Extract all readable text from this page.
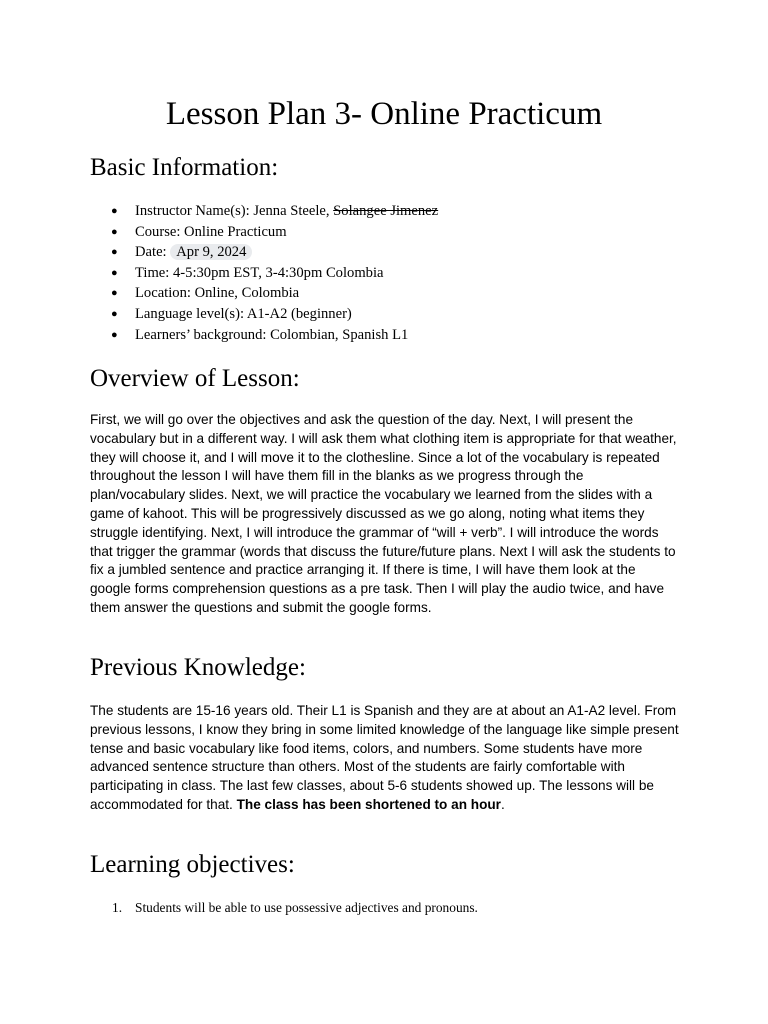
Lesson Plan 3- Online Practicum
Basic Information:
● Instructor Name(s): Jenna Steele, Solangee Jimenez
● Course: Online Practicum
● Date: Apr 9, 2024
● Time: 4-5:30pm EST, 3-4:30pm Colombia
● Location: Online, Colombia
● Language level(s): A1-A2 (beginner)
● Learners’ background: Colombian, Spanish L1
Overview of Lesson:

First, we will go over the objectives and ask the question of the day. Next, I will present the vocabulary but in a different way. I will ask them what clothing item is appropriate for that weather, they will choose it, and I will move it to the clothesline. Since a lot of the vocabulary is repeated throughout the lesson I will have them fill in the blanks as we progress through the plan/vocabulary slides. Next, we will practice the vocabulary we learned from the slides with a game of kahoot. This will be progressively discussed as we go along, noting what items they struggle identifying. Next, I will introduce the grammar of “will + verb”. I will introduce the words that trigger the grammar (words that discuss the future/future plans. Next I will ask the students to fix a jumbled sentence and practice arranging it. If there is time, I will have them look at the google forms comprehension questions as a pre task. Then I will play the audio twice, and have them answer the questions and submit the google forms.

Previous Knowledge:

The students are 15-16 years old. Their L1 is Spanish and they are at about an A1-A2 level. From previous lessons, I know they bring in some limited knowledge of the language like simple present tense and basic vocabulary like food items, colors, and numbers. Some students have more advanced sentence structure than others. Most of the students are fairly comfortable with participating in class. The last few classes, about 5-6 students showed up. The lessons will be accommodated for that. The class has been shortened to an hour.

Learning objectives:
1. Students will be able to use possessive adjectives and pronouns.
